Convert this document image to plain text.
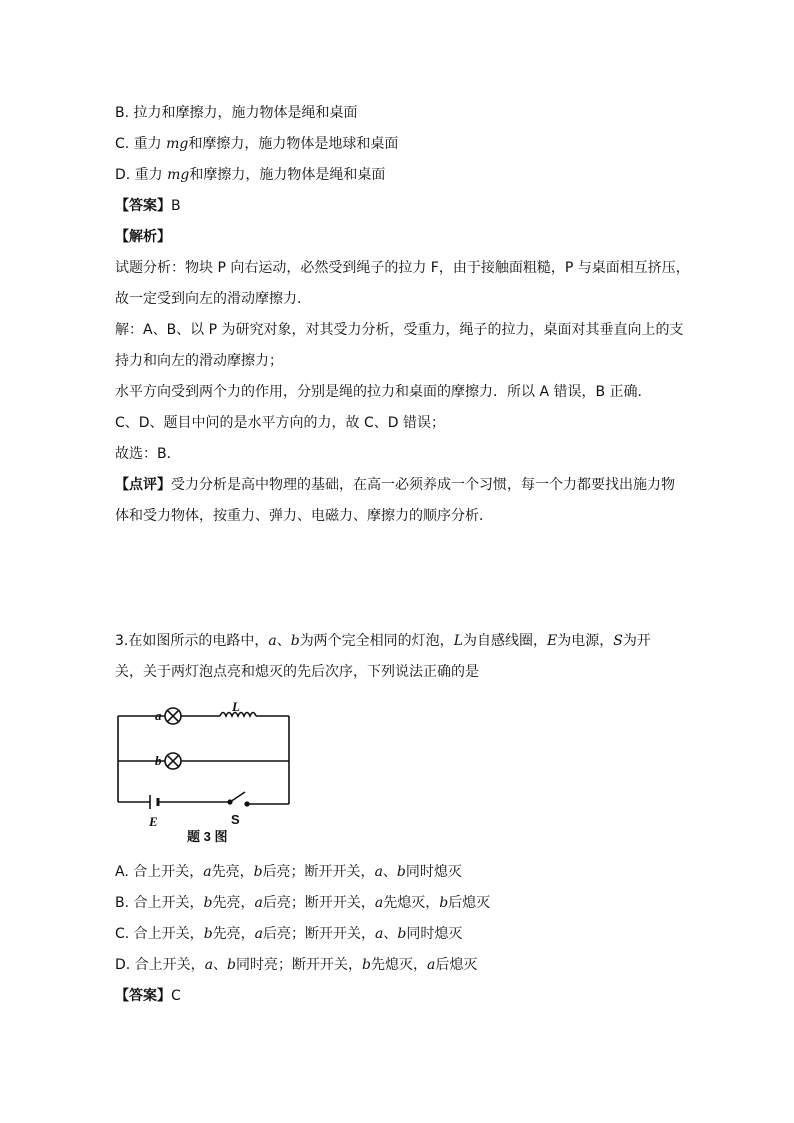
B. 拉力和摩擦力，施力物体是绳和桌面
C. 重力 mg和摩擦力，施力物体是地球和桌面
D. 重力 mg和摩擦力，施力物体是绳和桌面
【答案】B
【解析】
试题分析：物块 P 向右运动，必然受到绳子的拉力 F，由于接触面粗糙，P 与桌面相互挤压，
故一定受到向左的滑动摩擦力．
解：A、B、以 P 为研究对象，对其受力分析，受重力，绳子的拉力，桌面对其垂直向上的支
持力和向左的滑动摩擦力；
水平方向受到两个力的作用，分别是绳的拉力和桌面的摩擦力．所以 A 错误，B 正确．
C、D、题目中问的是水平方向的力，故 C、D 错误；
故选：B．
【点评】受力分析是高中物理的基础，在高一必须养成一个习惯，每一个力都要找出施力物
体和受力物体，按重力、弹力、电磁力、摩擦力的顺序分析．
3.在如图所示的电路中，a、b为两个完全相同的灯泡，L为自感线圈，E为电源，S为开
关，关于两灯泡点亮和熄灭的先后次序，下列说法正确的是
a
b
L
E	S
题 3 图
A. 合上开关，a先亮，b后亮；断开开关，a、b同时熄灭
B. 合上开关，b先亮，a后亮；断开开关，a先熄灭，b后熄灭
C. 合上开关，b先亮，a后亮；断开开关，a、b同时熄灭
D. 合上开关，a、b同时亮；断开开关，b先熄灭，a后熄灭
【答案】C
